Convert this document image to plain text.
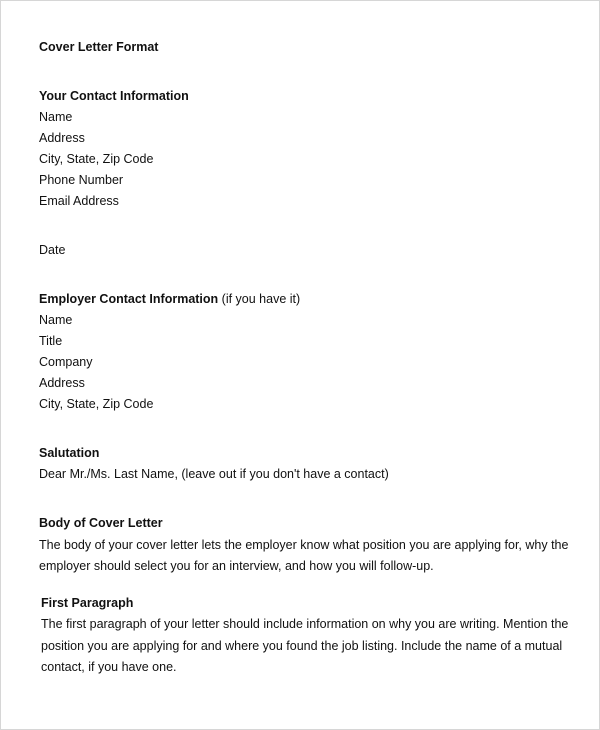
Cover Letter Format
Your Contact Information
Name
Address
City, State, Zip Code
Phone Number
Email Address
Date
Employer Contact Information (if you have it)
Name
Title
Company
Address
City, State, Zip Code
Salutation
Dear Mr./Ms. Last Name, (leave out if you don't have a contact)
Body of Cover Letter
The body of your cover letter lets the employer know what position you are applying for, why the
employer should select you for an interview, and how you will follow-up.
First Paragraph
The first paragraph of your letter should include information on why you are writing. Mention the
position you are applying for and where you found the job listing. Include the name of a mutual
contact, if you have one.
